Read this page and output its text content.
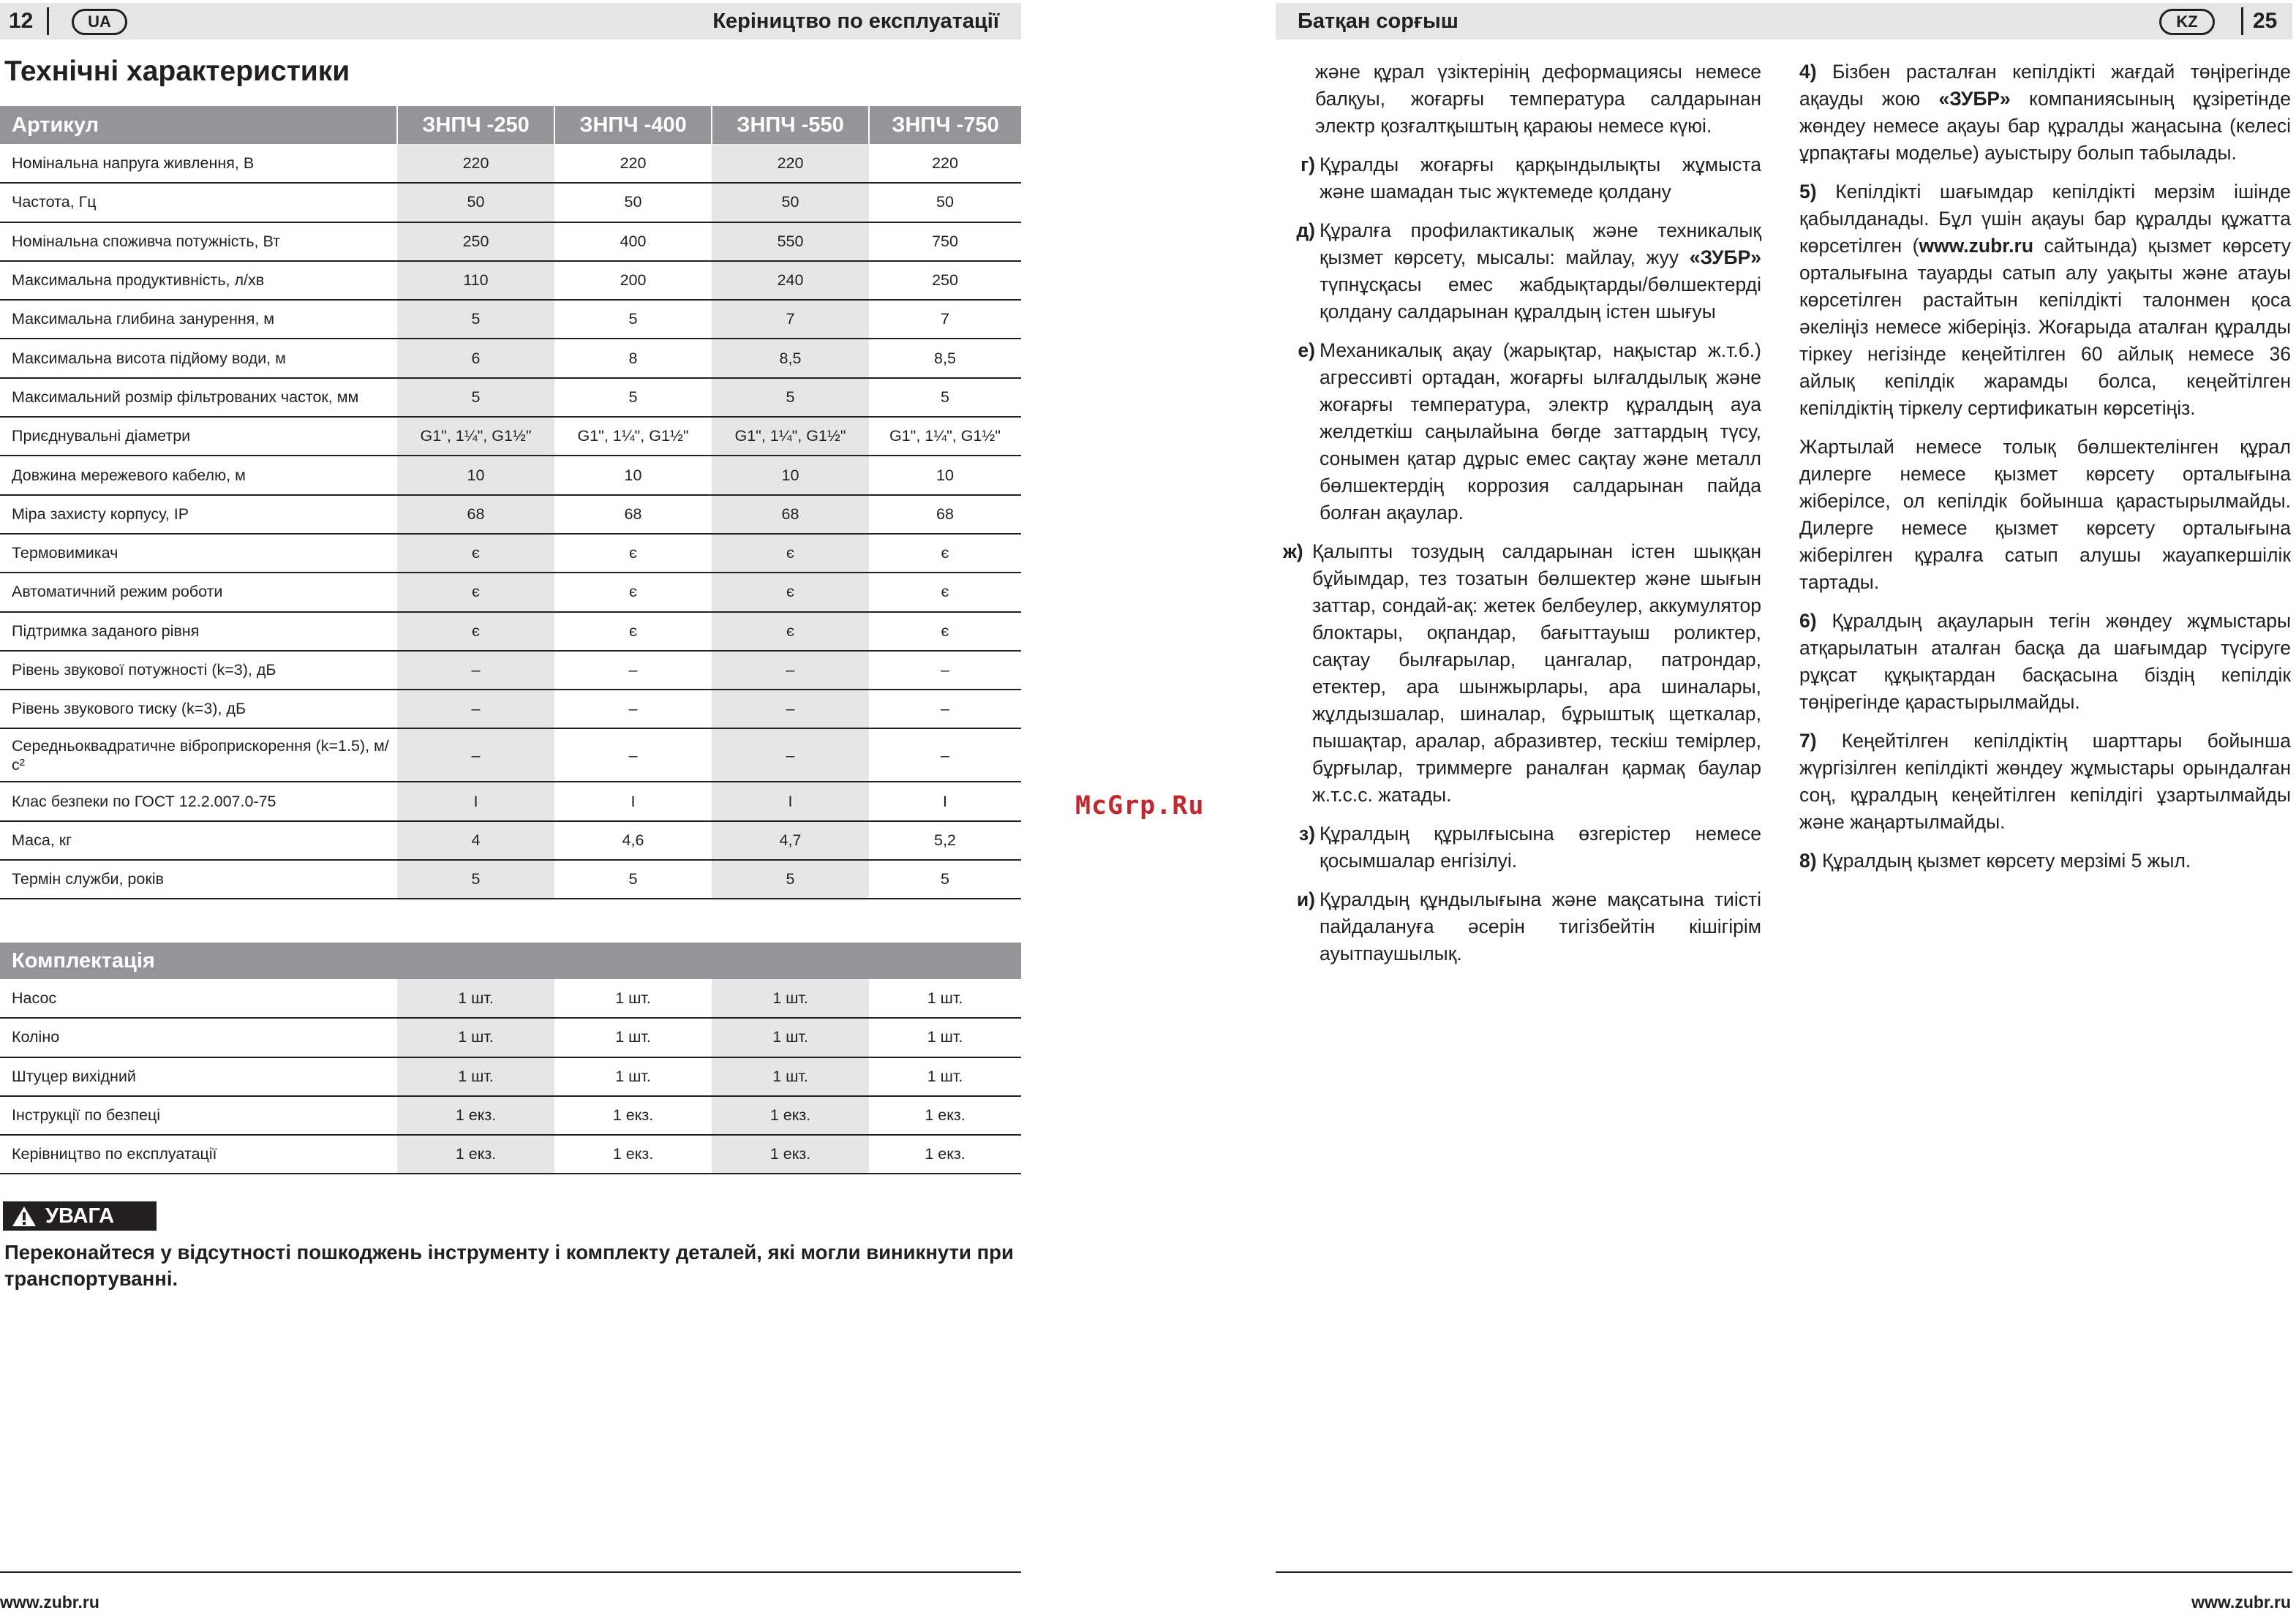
12	UA	Керіництво по експлуатації
Технічні характеристики
Артикул	ЗНПЧ -250	ЗНПЧ -400	ЗНПЧ -550	ЗНПЧ -750
Номінальна напруга живлення, В	220	220	220	220
Частота, Гц	50	50	50	50
Номінальна споживча потужність, Вт	250	400	550	750
Максимальна продуктивність, л/хв	110	200	240	250
Максимальна глибина занурення, м	5	5	7	7
Максимальна висота підйому води, м	6	8	8,5	8,5
Максимальний розмір фільтрованих часток, мм	5	5	5	5
Приєднувальні діаметри	G1", 1¼", G1½"	G1", 1¼", G1½"	G1", 1¼", G1½"	G1", 1¼", G1½"
Довжина мережевого кабелю, м	10	10	10	10
Міра захисту корпусу, IP	68	68	68	68
Термовимикач	є	є	є	є
Автоматичний режим роботи	є	є	є	є
Підтримка заданого рівня	є	є	є	є
Рівень звукової потужності (k=3), дБ	–	–	–	–
Рівень звукового тиску (k=3), дБ	–	–	–	–
Середньоквадратичне віброприскорення (k=1.5), м/с²	–	–	–	–
Клас безпеки по ГОСТ 12.2.007.0-75	I	I	I	I
Маса, кг	4	4,6	4,7	5,2
Термін служби, років	5	5	5	5
Комплектація				
Насос	1 шт.	1 шт.	1 шт.	1 шт.
Коліно	1 шт.	1 шт.	1 шт.	1 шт.
Штуцер вихідний	1 шт.	1 шт.	1 шт.	1 шт.
Інструкції по безпеці	1 екз.	1 екз.	1 екз.	1 екз.
Керівництво по експлуатації	1 екз.	1 екз.	1 екз.	1 екз.
УВАГА
Переконайтеся у відсутності пошкоджень інструменту і комплекту деталей, які могли виникнути при транспортуванні.
McGrp.Ru
www.zubr.ru
Батқан сорғыш	KZ	25
және құрал үзіктерінің деформациясы немесе балқуы, жоғарғы температура салдарынан электр қозғалтқыштың қараюы немесе күюі.
г) Құралды жоғарғы қарқындылықты жұмыста және шамадан тыс жүктемеде қолдану
д) Құралға профилактикалық және техникалық қызмет көрсету, мысалы: майлау, жуу «ЗУБР» түпнұсқасы емес жабдықтарды/бөлшектерді қолдану салдарынан құралдың істен шығуы
е) Механикалық ақау (жарықтар, нақыстар ж.т.б.) агрессивті ортадан, жоғарғы ылғалдылық және жоғарғы температура, электр құралдың ауа желдеткіш саңылайына бөгде заттардың түсу, сонымен қатар дұрыс емес сақтау және металл бөлшектердің коррозия салдарынан пайда болған ақаулар.
ж) Қалыпты тозудың салдарынан істен шыққан бұйымдар, тез тозатын бөлшектер және шығын заттар, сондай-ақ: жетек белбеулер, аккумулятор блоктары, оқпандар, бағыттауыш роликтер, сақтау былғарылар, цангалар, патрондар, етектер, ара шынжырлары, ара шиналары, жұлдызшалар, шиналар, бұрыштық щеткалар, пышақтар, аралар, абразивтер, тескіш темірлер, бұрғылар, триммерге раналған қармақ баулар ж.т.с.с. жатады.
з) Құралдың құрылғысына өзгерістер немесе қосымшалар енгізілуі.
и) Құралдың құндылығына және мақсатына тиісті пайдалануға әсерін тигізбейтін кішігірім ауытпаушылық.

4) Бізбен расталған кепілдікті жағдай төңірегінде ақауды жою «ЗУБР» компаниясының құзіретінде жөндеу немесе ақауы бар құралды жаңасына (келесі ұрпақтағы моделье) ауыстыру болып табылады.

5) Кепілдікті шағымдар кепілдікті мерзім ішінде қабылданады. Бұл үшін ақауы бар құралды құжатта көрсетілген (www.zubr.ru сайтында) қызмет көрсету орталығына тауарды сатып алу уақыты және атауы көрсетілген растайтын кепілдікті талонмен қоса әкеліңіз немесе жіберіңіз. Жоғарыда аталған құралды тіркеу негізінде кеңейтілген 60 айлық немесе 36 айлық кепілдік жарамды болса, кеңейтілген кепілдіктің тіркелу сертификатын көрсетіңіз.

Жартылай немесе толық бөлшектелінген құрал дилерге немесе қызмет көрсету орталығына жіберілсе, ол кепілдік бойынша қарастырылмайды. Дилерге немесе қызмет көрсету орталығына жіберілген құралға сатып алушы жауапкершілік тартады.

6) Құралдың ақауларын тегін жөндеу жұмыстары атқарылатын аталған басқа да шағымдар түсіруге рұқсат құқықтардан басқасына біздің кепілдік төңірегінде қарастырылмайды.

7) Кеңейтілген кепілдіктің шарттары бойынша жүргізілген кепілдікті жөндеу жұмыстары орындалған соң, құралдың кеңейтілген кепілдігі ұзартылмайды және жаңартылмайды.

8) Құралдың қызмет көрсету мерзімі 5 жыл.

www.zubr.ru
